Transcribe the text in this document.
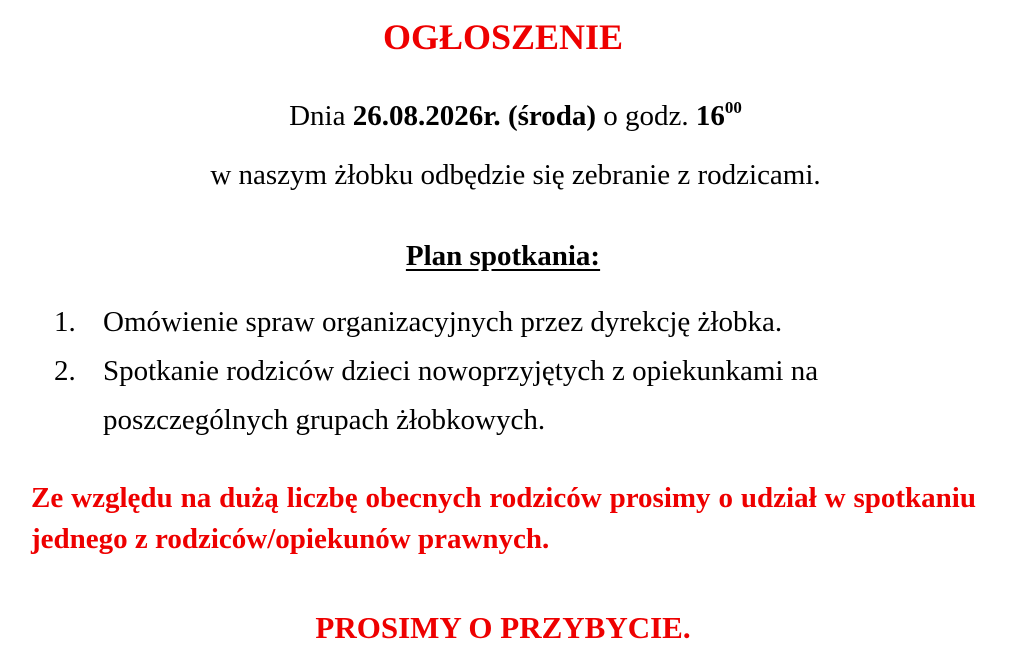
OGŁOSZENIE
Dnia 26.08.2026r. (środa) o godz. $16^{00}$
w naszym żłobku odbędzie się zebranie z rodzicami.
Plan spotkania:
1. Omówienie spraw organizacyjnych przez dyrekcję żłobka.
2. Spotkanie rodziców dzieci nowoprzyjętych z opiekunkami na poszczególnych grupach żłobkowych.
Ze względu na dużą liczbę obecnych rodziców prosimy o udział w spotkaniu jednego z rodziców/opiekunów prawnych.
PROSIMY O PRZYBYCIE.
